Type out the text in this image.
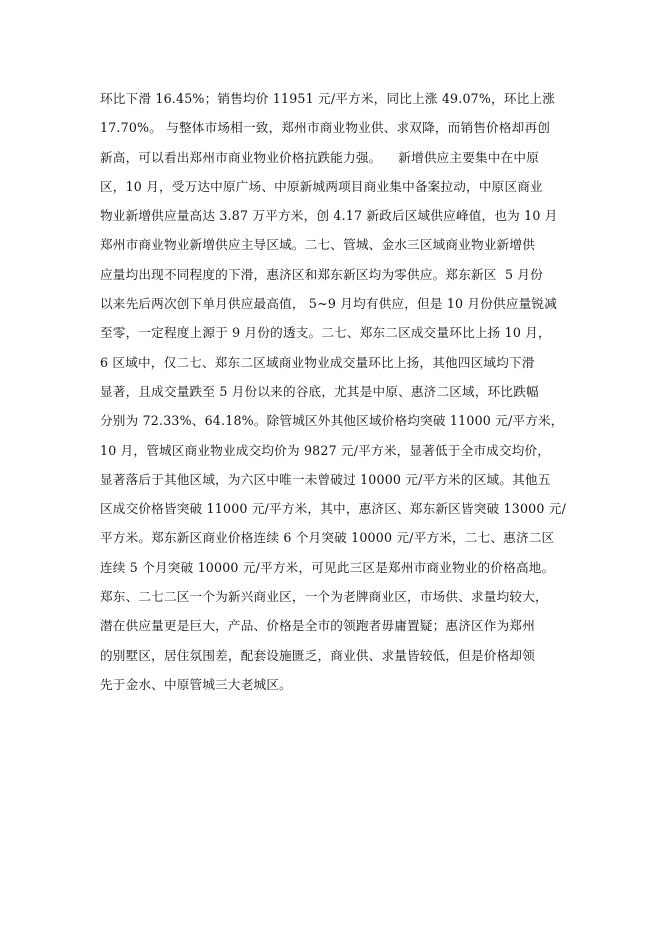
环比下滑 16.45%；销售均价 11951 元/平方米，同比上涨 49.07%，环比上涨
17.70%。 与整体市场相一致，郑州市商业物业供、求双降，而销售价格却再创
新高，可以看出郑州市商业物业价格抗跌能力强。    新增供应主要集中在中原
区，10 月，受万达中原广场、中原新城两项目商业集中备案拉动，中原区商业
物业新增供应量高达 3.87 万平方米，创 4.17 新政后区域供应峰值，也为 10 月
郑州市商业物业新增供应主导区域。二七、管城、金水三区域商业物业新增供
应量均出现不同程度的下滑，惠济区和郑东新区均为零供应。郑东新区  5 月份
以来先后两次创下单月供应最高值， 5~9 月均有供应，但是 10 月份供应量锐减
至零，一定程度上源于 9 月份的透支。二七、郑东二区成交量环比上扬 10 月，
6 区域中，仅二七、郑东二区域商业物业成交量环比上扬，其他四区域均下滑
显著，且成交量跌至 5 月份以来的谷底，尤其是中原、惠济二区域，环比跌幅
分别为 72.33%、64.18%。除管城区外其他区域价格均突破 11000 元/平方米，
10 月，管城区商业物业成交均价为 9827 元/平方米，显著低于全市成交均价，
显著落后于其他区域，为六区中唯一未曾破过 10000 元/平方米的区域。其他五
区成交价格皆突破 11000 元/平方米，其中，惠济区、郑东新区皆突破 13000 元/
平方米。郑东新区商业价格连续 6 个月突破 10000 元/平方米，二七、惠济二区
连续 5 个月突破 10000 元/平方米，可见此三区是郑州市商业物业的价格高地。
郑东、二七二区一个为新兴商业区，一个为老牌商业区，市场供、求量均较大，
潜在供应量更是巨大，产品、价格是全市的领跑者毋庸置疑；惠济区作为郑州
的别墅区，居住氛围差，配套设施匮乏，商业供、求量皆较低，但是价格却领
先于金水、中原管城三大老城区。
